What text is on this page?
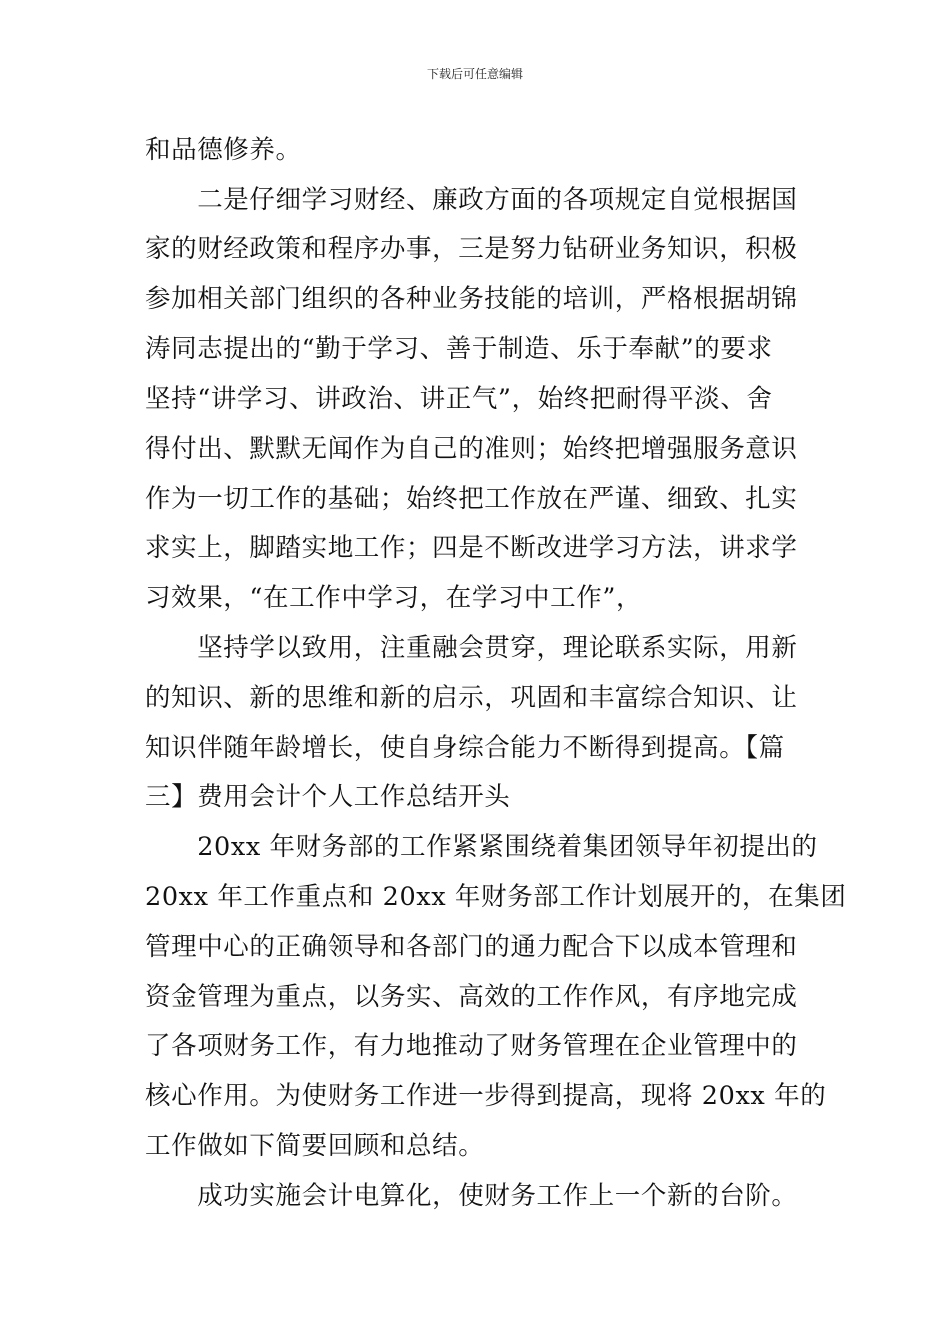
下载后可任意编辑
和品德修养。
　　二是仔细学习财经、廉政方面的各项规定自觉根据国
家的财经政策和程序办事，三是努力钻研业务知识，积极
参加相关部门组织的各种业务技能的培训，严格根据胡锦
涛同志提出的“勤于学习、善于制造、乐于奉献”的要求
坚持“讲学习、讲政治、讲正气”，始终把耐得平淡、舍
得付出、默默无闻作为自己的准则；始终把增强服务意识
作为一切工作的基础；始终把工作放在严谨、细致、扎实
求实上，脚踏实地工作；四是不断改进学习方法，讲求学
习效果，“在工作中学习，在学习中工作”，
　　坚持学以致用，注重融会贯穿，理论联系实际，用新
的知识、新的思维和新的启示，巩固和丰富综合知识、让
知识伴随年龄增长，使自身综合能力不断得到提高。【篇
三】费用会计个人工作总结开头
　　20xx 年财务部的工作紧紧围绕着集团领导年初提出的
20xx 年工作重点和 20xx 年财务部工作计划展开的，在集团
管理中心的正确领导和各部门的通力配合下以成本管理和
资金管理为重点，以务实、高效的工作作风，有序地完成
了各项财务工作，有力地推动了财务管理在企业管理中的
核心作用。为使财务工作进一步得到提高，现将 20xx 年的
工作做如下简要回顾和总结。
　　成功实施会计电算化，使财务工作上一个新的台阶。
